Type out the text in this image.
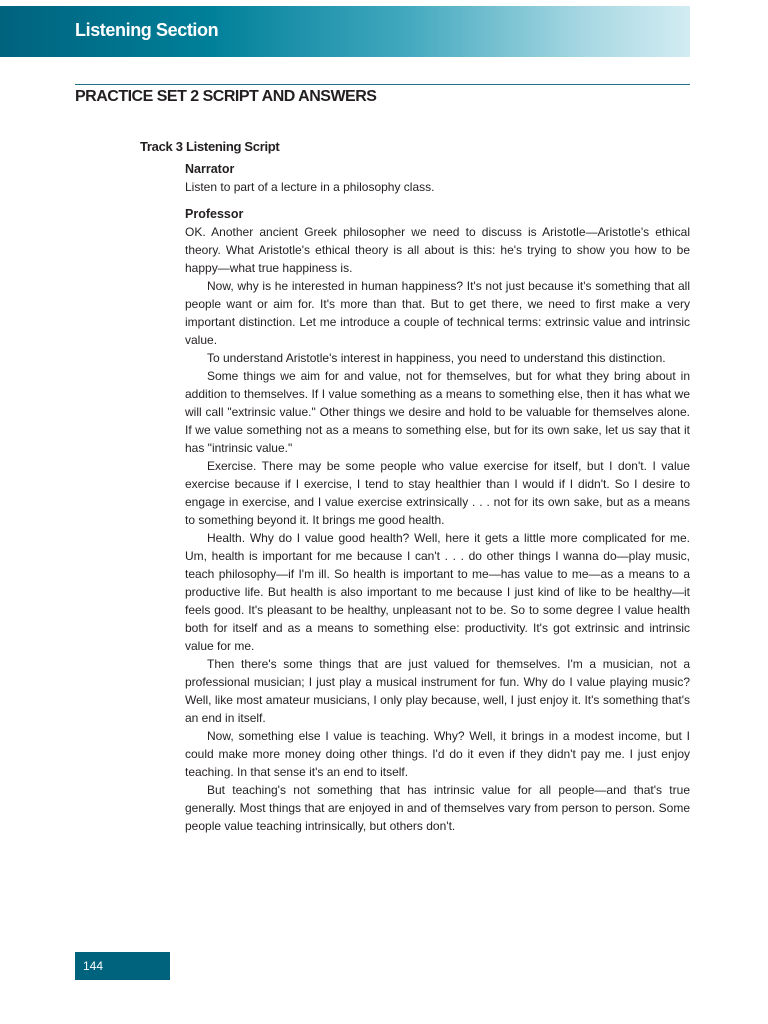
Listening Section
PRACTICE SET 2 SCRIPT AND ANSWERS
Track 3 Listening Script

Narrator

Listen to part of a lecture in a philosophy class.

Professor

OK. Another ancient Greek philosopher we need to discuss is Aristotle—Aristotle's ethical theory. What Aristotle's ethical theory is all about is this: he's trying to show you how to be happy—what true happiness is.

Now, why is he interested in human happiness? It's not just because it's something that all people want or aim for. It's more than that. But to get there, we need to first make a very important distinction. Let me introduce a couple of technical terms: extrinsic value and intrinsic value.

To understand Aristotle's interest in happiness, you need to understand this distinction.

Some things we aim for and value, not for themselves, but for what they bring about in addition to themselves. If I value something as a means to something else, then it has what we will call "extrinsic value." Other things we desire and hold to be valuable for themselves alone. If we value something not as a means to something else, but for its own sake, let us say that it has "intrinsic value."

Exercise. There may be some people who value exercise for itself, but I don't. I value exercise because if I exercise, I tend to stay healthier than I would if I didn't. So I desire to engage in exercise, and I value exercise extrinsically . . . not for its own sake, but as a means to something beyond it. It brings me good health.

Health. Why do I value good health? Well, here it gets a little more complicated for me. Um, health is important for me because I can't . . . do other things I wanna do—play music, teach philosophy—if I'm ill. So health is important to me—has value to me—as a means to a productive life. But health is also important to me because I just kind of like to be healthy—it feels good. It's pleasant to be healthy, unpleasant not to be. So to some degree I value health both for itself and as a means to something else: productivity. It's got extrinsic and intrinsic value for me.

Then there's some things that are just valued for themselves. I'm a musician, not a professional musician; I just play a musical instrument for fun. Why do I value playing music? Well, like most amateur musicians, I only play because, well, I just enjoy it. It's something that's an end in itself.

Now, something else I value is teaching. Why? Well, it brings in a modest income, but I could make more money doing other things. I'd do it even if they didn't pay me. I just enjoy teaching. In that sense it's an end to itself.

But teaching's not something that has intrinsic value for all people—and that's true generally. Most things that are enjoyed in and of themselves vary from person to person. Some people value teaching intrinsically, but others don't.

144
